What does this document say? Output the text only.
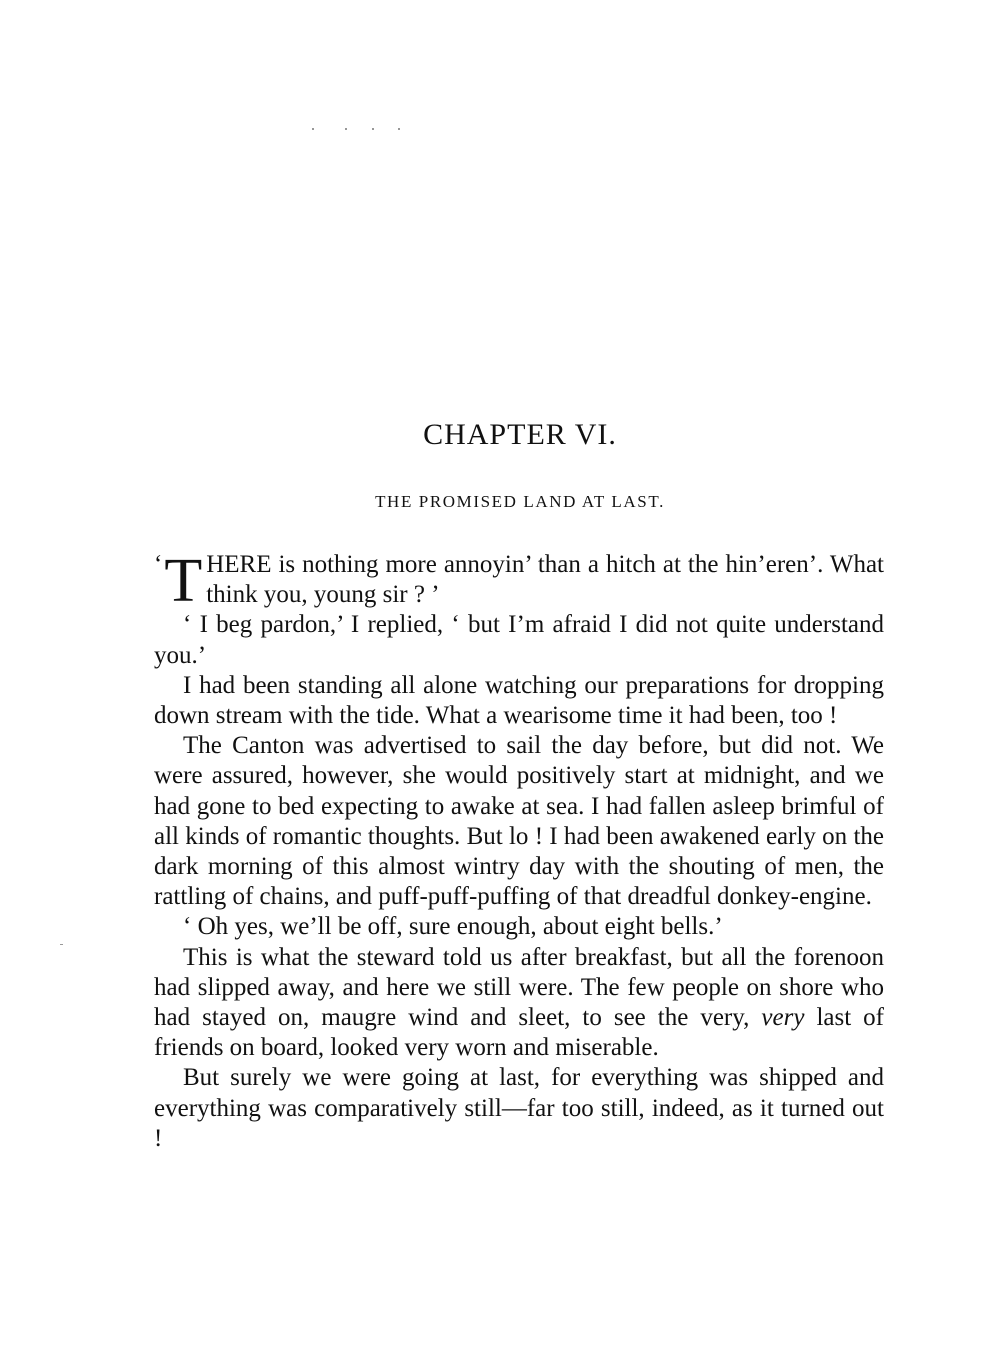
CHAPTER VI.
THE PROMISED LAND AT LAST.

‘ T HERE is nothing more annoyin’ than a hitch at the hin’eren’. What think you, young sir ? ’

‘ I beg pardon,’ I replied, ‘ but I’m afraid I did not quite understand you.’

I had been standing all alone watching our preparations for dropping down stream with the tide. What a wearisome time it had been, too !

The Canton was advertised to sail the day before, but did not. We were assured, however, she would positively start at midnight, and we had gone to bed expecting to awake at sea. I had fallen asleep brimful of all kinds of romantic thoughts. But lo ! I had been awakened early on the dark morning of this almost wintry day with the shouting of men, the rattling of chains, and puff-puff-puffing of that dreadful donkey-engine.

‘ Oh yes, we’ll be off, sure enough, about eight bells.’

This is what the steward told us after breakfast, but all the forenoon had slipped away, and here we still were. The few people on shore who had stayed on, maugre wind and sleet, to see the very, very last of friends on board, looked very worn and miserable.

But surely we were going at last, for everything was shipped and everything was comparatively still—far too still, indeed, as it turned out !
